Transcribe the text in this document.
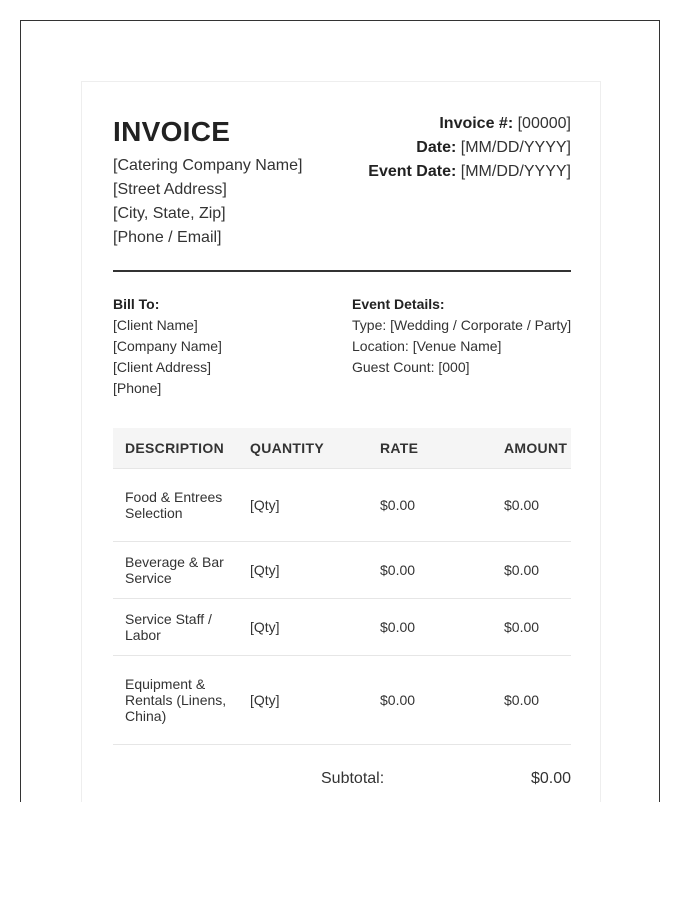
INVOICE
[Catering Company Name]
[Street Address]
[City, State, Zip]
[Phone / Email]
Invoice #: [00000]
Date: [MM/DD/YYYY]
Event Date: [MM/DD/YYYY]
Bill To:
[Client Name]
[Company Name]
[Client Address]
[Phone]
Event Details:
Type: [Wedding / Corporate / Party]
Location: [Venue Name]
Guest Count: [000]
DESCRIPTION	QUANTITY	RATE	AMOUNT
Food & Entrees Selection	[Qty]	$0.00	$0.00
Beverage & Bar Service	[Qty]	$0.00	$0.00
Service Staff / Labor	[Qty]	$0.00	$0.00
Equipment & Rentals (Linens, China)	[Qty]	$0.00	$0.00
Subtotal:	$0.00
